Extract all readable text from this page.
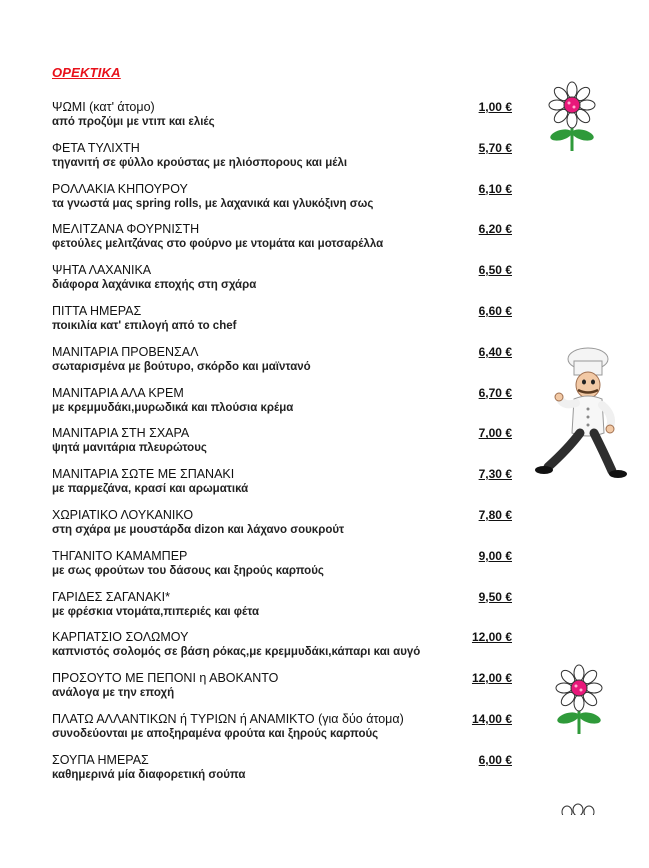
ΟΡΕΚΤΙΚΑ
ΨΩΜΙ (κατ' άτομο)
από προζύμι με ντιπ και ελιές
1,00 €
ΦΕΤΑ ΤΥΛΙΧΤΗ
τηγανιτή σε φύλλο κρούστας με ηλιόσπορους και μέλι
5,70 €
ΡΟΛΛΑΚΙΑ ΚΗΠΟΥΡΟΥ
τα γνωστά μας spring rolls, με λαχανικά και γλυκόξινη σως
6,10 €
ΜΕΛΙΤΖΑΝΑ ΦΟΥΡΝΙΣΤΗ
φετούλες μελιτζάνας στο φούρνο με ντομάτα και μοτσαρέλλα
6,20 €
ΨΗΤΑ ΛΑΧΑΝΙΚΑ
διάφορα λαχάνικα εποχής στη σχάρα
6,50 €
ΠΙΤΤΑ ΗΜΕΡΑΣ
ποικιλία κατ' επιλογή από το chef
6,60 €
ΜΑΝΙΤΑΡΙΑ ΠΡΟΒΕΝΣΑΛ
σωταρισμένα με βούτυρο, σκόρδο και μαϊντανό
6,40 €
ΜΑΝΙΤΑΡΙΑ ΑΛΑ ΚΡΕΜ
με κρεμμυδάκι,μυρωδικά και πλούσια κρέμα
6,70 €
ΜΑΝΙΤΑΡΙΑ ΣΤΗ ΣΧΑΡΑ
ψητά μανιτάρια πλευρώτους
7,00 €
ΜΑΝΙΤΑΡΙΑ ΣΩΤΕ ΜΕ ΣΠΑΝΑΚΙ
με παρμεζάνα, κρασί και αρωματικά
7,30 €
ΧΩΡΙΑΤΙΚΟ ΛΟΥΚΑΝΙΚΟ
στη σχάρα με μουστάρδα dizon και λάχανο σουκρούτ
7,80 €
ΤΗΓΑΝΙΤΟ ΚΑΜΑΜΠΕΡ
με σως φρούτων του δάσους και ξηρούς καρπούς
9,00 €
ΓΑΡΙΔΕΣ ΣΑΓΑΝΑΚΙ*
με φρέσκια ντομάτα,πιπεριές και φέτα
9,50 €
ΚΑΡΠΑΤΣΙΟ ΣΟΛΩΜΟΥ
καπνιστός σολομός σε βάση ρόκας,με κρεμμυδάκι,κάπαρι και αυγό
12,00 €
ΠΡΟΣΟΥΤΟ ΜΕ ΠΕΠΟΝΙ η ΑΒΟΚΑΝΤΟ
ανάλογα με την εποχή
12,00 €
ΠΛΑΤΩ ΑΛΛΑΝΤΙΚΩΝ ή ΤΥΡΙΩΝ ή ΑΝΑΜΙΚΤΟ (για δύο άτομα)
συνοδεύονται με αποξηραμένα φρούτα και ξηρούς καρπούς
14,00 €
ΣΟΥΠΑ ΗΜΕΡΑΣ
καθημερινά μία διαφορετική σούπα
6,00 €
